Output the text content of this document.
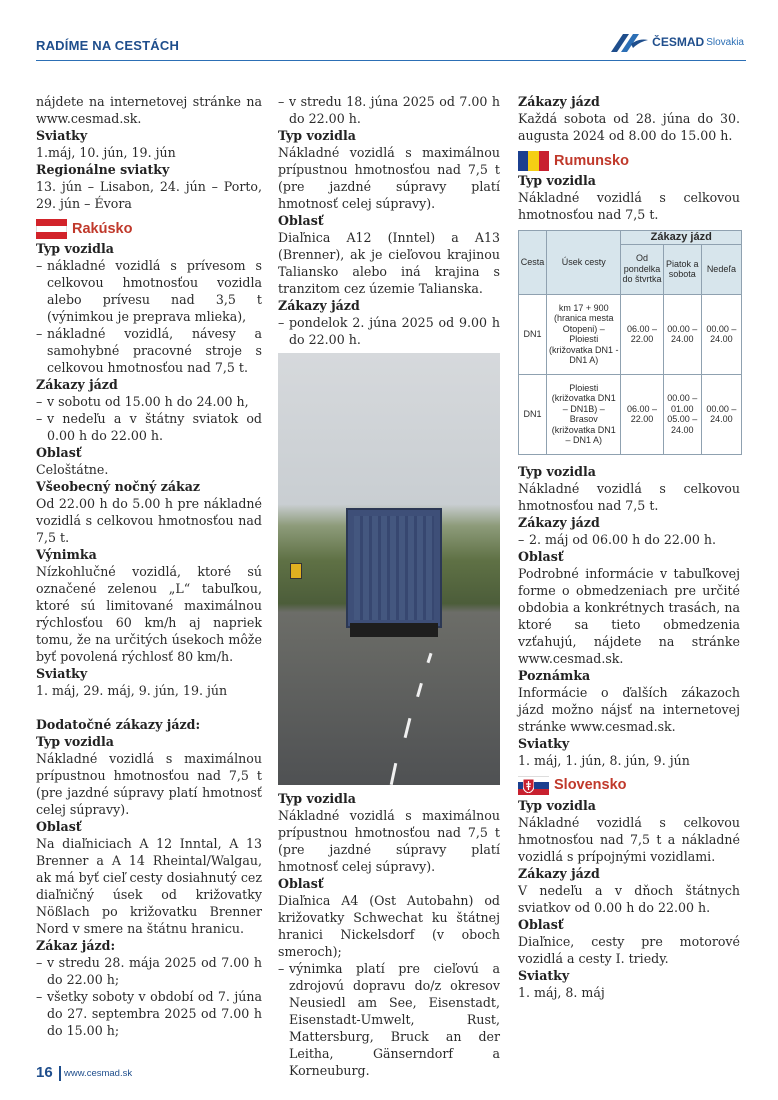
RADÍME NA CESTÁCH	ČESMAD Slovakia
nájdete na internetovej stránke na www.cesmad.sk.
Sviatky
1.máj, 10. jún, 19. jún
Regionálne sviatky
13. jún – Lisabon, 24. jún – Porto, 29. jún – Évora
Rakúsko
Typ vozidla
– nákladné vozidlá s prívesom s celkovou hmotnosťou vozidla alebo prívesu nad 3,5 t (výnimkou je preprava mlieka),
– nákladné vozidlá, návesy a samohybné pracovné stroje s celkovou hmotnosťou nad 7,5 t.
Zákazy jázd
– v sobotu od 15.00 h do 24.00 h,
– v nedeľu a v štátny sviatok od 0.00 h do 22.00 h.
Oblasť
Celoštátne.
Všeobecný nočný zákaz
Od 22.00 h do 5.00 h pre nákladné vozidlá s celkovou hmotnosťou nad 7,5 t.
Výnimka
Nízkohlučné vozidlá, ktoré sú označené zelenou „L“ tabuľkou, ktoré sú limitované maximálnou rýchlosťou 60 km/h aj napriek tomu, že na určitých úsekoch môže byť povolená rýchlosť 80 km/h.
Sviatky
1. máj, 29. máj, 9. jún, 19. jún
Dodatočné zákazy jázd:
Typ vozidla
Nákladné vozidlá s maximálnou prípustnou hmotnosťou nad 7,5 t (pre jazdné súpravy platí hmotnosť celej súpravy).
Oblasť
Na diaľniciach A 12 Inntal, A 13 Brenner a A 14 Rheintal/Walgau, ak má byť cieľ cesty dosiahnutý cez diaľničný úsek od križovatky Nößlach po križovatku Brenner Nord v smere na štátnu hranicu.
Zákaz jázd:
– v stredu 28. mája 2025 od 7.00 h do 22.00 h;
– všetky soboty v období od 7. júna do 27. septembra 2025 od 7.00 h do 15.00 h;
– v stredu 18. júna 2025 od 7.00 h do 22.00 h.
Typ vozidla
Nákladné vozidlá s maximálnou prípustnou hmotnosťou nad 7,5 t (pre jazdné súpravy platí hmotnosť celej súpravy).
Oblasť
Diaľnica A12 (Inntel) a A13 (Brenner), ak je cieľovou krajinou Taliansko alebo iná krajina s tranzitom cez územie Talianska.
Zákazy jázd
– pondelok 2. júna 2025 od 9.00 h do 22.00 h.
Typ vozidla
Nákladné vozidlá s maximálnou prípustnou hmotnosťou nad 7,5 t (pre jazdné súpravy platí hmotnosť celej súpravy).
Oblasť
Diaľnica A4 (Ost Autobahn) od križovatky Schwechat ku štátnej hranici Nickelsdorf (v oboch smeroch);
– výnimka platí pre cieľovú a zdrojovú dopravu do/z okresov Neusiedl am See, Eisenstadt, Eisenstadt-Umwelt, Rust, Mattersburg, Bruck an der Leitha, Gänserndorf a Korneuburg.
Zákazy jázd
Každá sobota od 28. júna do 30. augusta 2024 od 8.00 do 15.00 h.
Rumunsko
Typ vozidla
Nákladné vozidlá s celkovou hmotnosťou nad 7,5 t.
Cesta	Úsek cesty	Zákazy jázd		
		Od pondelka do štvrtka	Piatok a sobota	Nedeľa
DN1	km 17 + 900 (hranica mesta Otopeni) – Ploiesti (križovatka DN1 - DN1 A)	06.00 – 22.00	00.00 – 24.00	00.00 – 24.00
DN1	Ploiesti (križovatka DN1 – DN1B) – Brasov (križovatka DN1 – DN1 A)	06.00 – 22.00	00.00 – 01.00 05.00 – 24.00	00.00 – 24.00
Typ vozidla
Nákladné vozidlá s celkovou hmotnosťou nad 7,5 t.
Zákazy jázd
– 2. máj od 06.00 h do 22.00 h.
Oblasť
Podrobné informácie v tabuľkovej forme o obmedzeniach pre určité obdobia a konkrétnych trasách, na ktoré sa tieto obmedzenia vzťahujú, nájdete na stránke www.cesmad.sk.
Poznámka
Informácie o ďalších zákazoch jázd možno nájsť na internetovej stránke www.cesmad.sk.
Sviatky
1. máj, 1. jún, 8. jún, 9. jún
Slovensko
Typ vozidla
Nákladné vozidlá s celkovou hmotnosťou nad 7,5 t a nákladné vozidlá s prípojnými vozidlami.
Zákazy jázd
V nedeľu a v dňoch štátnych sviatkov od 0.00 h do 22.00 h.
Oblasť
Diaľnice, cesty pre motorové vozidlá a cesty I. triedy.
Sviatky
1. máj, 8. máj
16 www.cesmad.sk
